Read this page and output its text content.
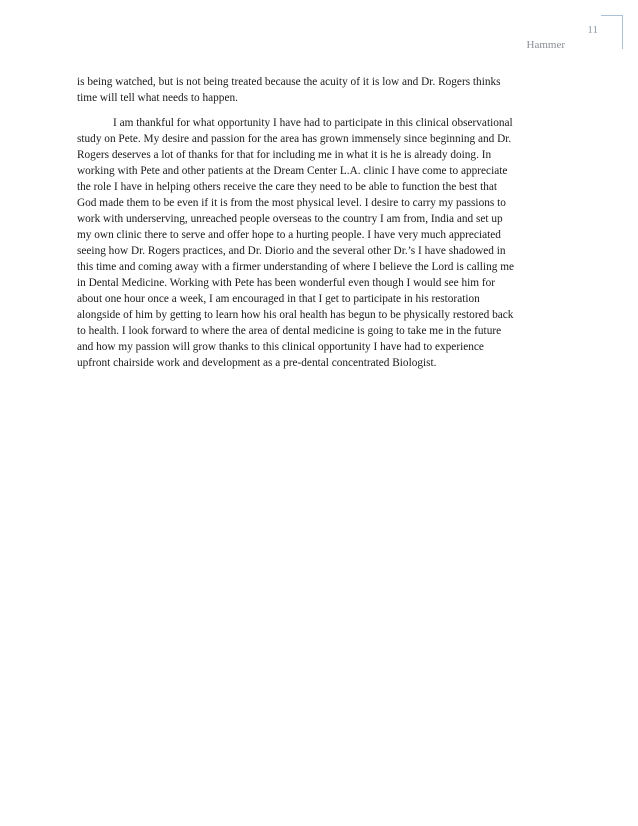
11
Hammer
is being watched, but is not being treated because the acuity of it is low and Dr. Rogers thinks
time will tell what needs to happen.
I am thankful for what opportunity I have had to participate in this clinical observational
study on Pete. My desire and passion for the area has grown immensely since beginning and Dr.
Rogers deserves a lot of thanks for that for including me in what it is he is already doing. In
working with Pete and other patients at the Dream Center L.A. clinic I have come to appreciate
the role I have in helping others receive the care they need to be able to function the best that
God made them to be even if it is from the most physical level. I desire to carry my passions to
work with underserving, unreached people overseas to the country I am from, India and set up
my own clinic there to serve and offer hope to a hurting people. I have very much appreciated
seeing how Dr. Rogers practices, and Dr. Diorio and the several other Dr.’s I have shadowed in
this time and coming away with a firmer understanding of where I believe the Lord is calling me
in Dental Medicine. Working with Pete has been wonderful even though I would see him for
about one hour once a week, I am encouraged in that I get to participate in his restoration
alongside of him by getting to learn how his oral health has begun to be physically restored back
to health. I look forward to where the area of dental medicine is going to take me in the future
and how my passion will grow thanks to this clinical opportunity I have had to experience
upfront chairside work and development as a pre-dental concentrated Biologist.
